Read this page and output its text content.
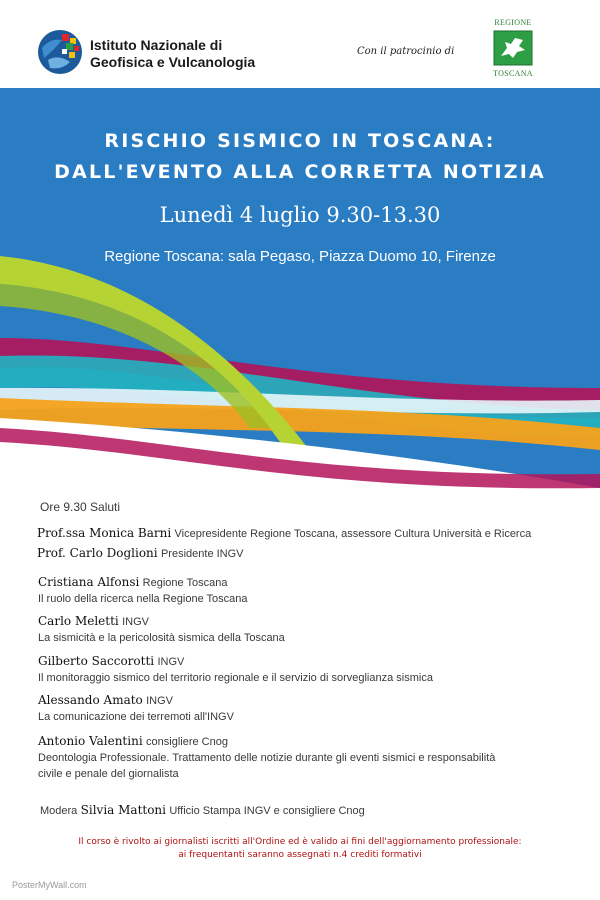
Istituto Nazionale di
Geofisica e Vulcanologia
Con il patrocinio di
REGIONE
TOSCANA
RISCHIO SISMICO IN TOSCANA:
DALL'EVENTO ALLA CORRETTA NOTIZIA
Lunedì 4 luglio 9.30-13.30
Regione Toscana: sala Pegaso, Piazza Duomo 10, Firenze
Ore 9.30 Saluti
Prof.ssa Monica Barni Vicepresidente Regione Toscana, assessore Cultura Università e Ricerca
Prof. Carlo Doglioni Presidente INGV
Cristiana Alfonsi Regione Toscana
Il ruolo della ricerca nella Regione Toscana
Carlo Meletti INGV
La sismicità e la pericolosità sismica della Toscana
Gilberto Saccorotti INGV
Il monitoraggio sismico del territorio regionale e il servizio di sorveglianza sismica
Alessando Amato INGV
La comunicazione dei terremoti all'INGV
Antonio Valentini consigliere Cnog
Deontologia Professionale. Trattamento delle notizie durante gli eventi sismici e responsabilità
civile e penale del giornalista
Modera Silvia Mattoni Ufficio Stampa INGV e consigliere Cnog
Il corso è rivolto ai giornalisti iscritti all'Ordine ed è valido ai fini dell'aggiornamento professionale:
ai frequentanti saranno assegnati n.4 crediti formativi
PosterMyWall.com
